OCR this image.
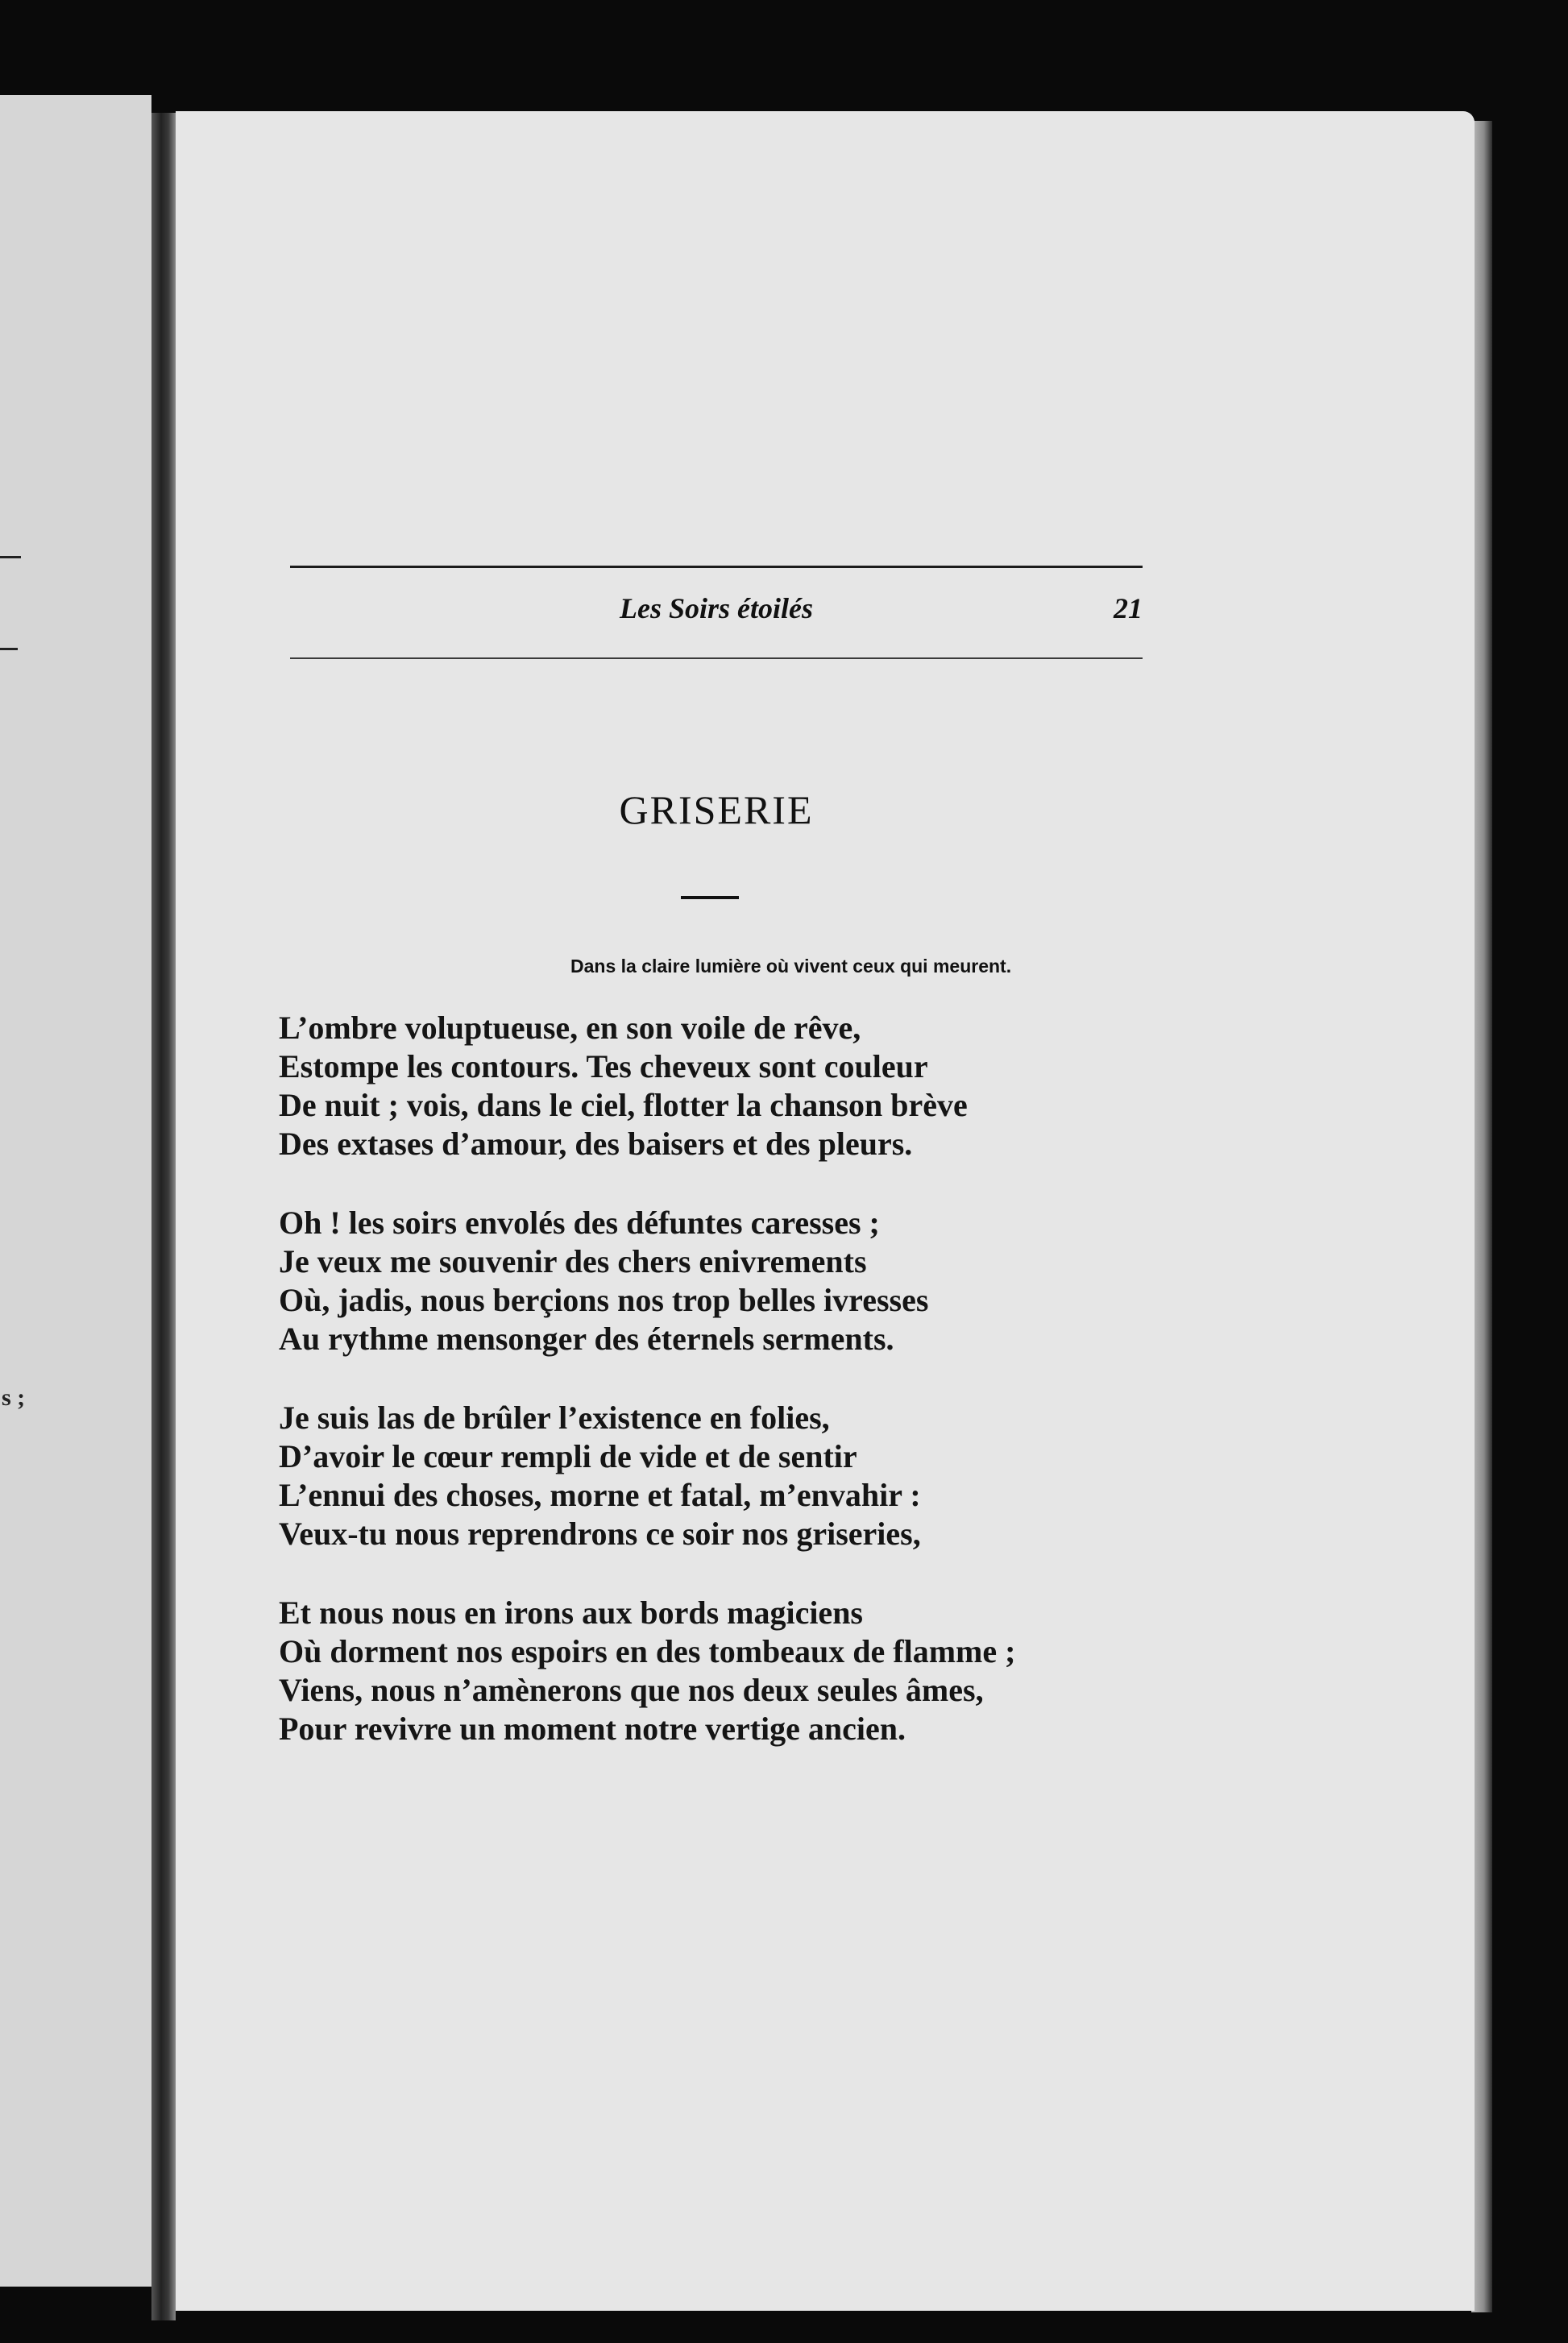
s ;
Les Soirs étoilés	21
GRISERIE
Dans la claire lumière où vivent ceux qui meurent.
L’ombre voluptueuse, en son voile de rêve,
Estompe les contours. Tes cheveux sont couleur
De nuit ; vois, dans le ciel, flotter la chanson brève
Des extases d’amour, des baisers et des pleurs.
Oh ! les soirs envolés des défuntes caresses ;
Je veux me souvenir des chers enivrements
Où, jadis, nous berçions nos trop belles ivresses
Au rythme mensonger des éternels serments.
Je suis las de brûler l’existence en folies,
D’avoir le cœur rempli de vide et de sentir
L’ennui des choses, morne et fatal, m’envahir :
Veux-tu nous reprendrons ce soir nos griseries,
Et nous nous en irons aux bords magiciens
Où dorment nos espoirs en des tombeaux de flamme ;
Viens, nous n’amènerons que nos deux seules âmes,
Pour revivre un moment notre vertige ancien.
